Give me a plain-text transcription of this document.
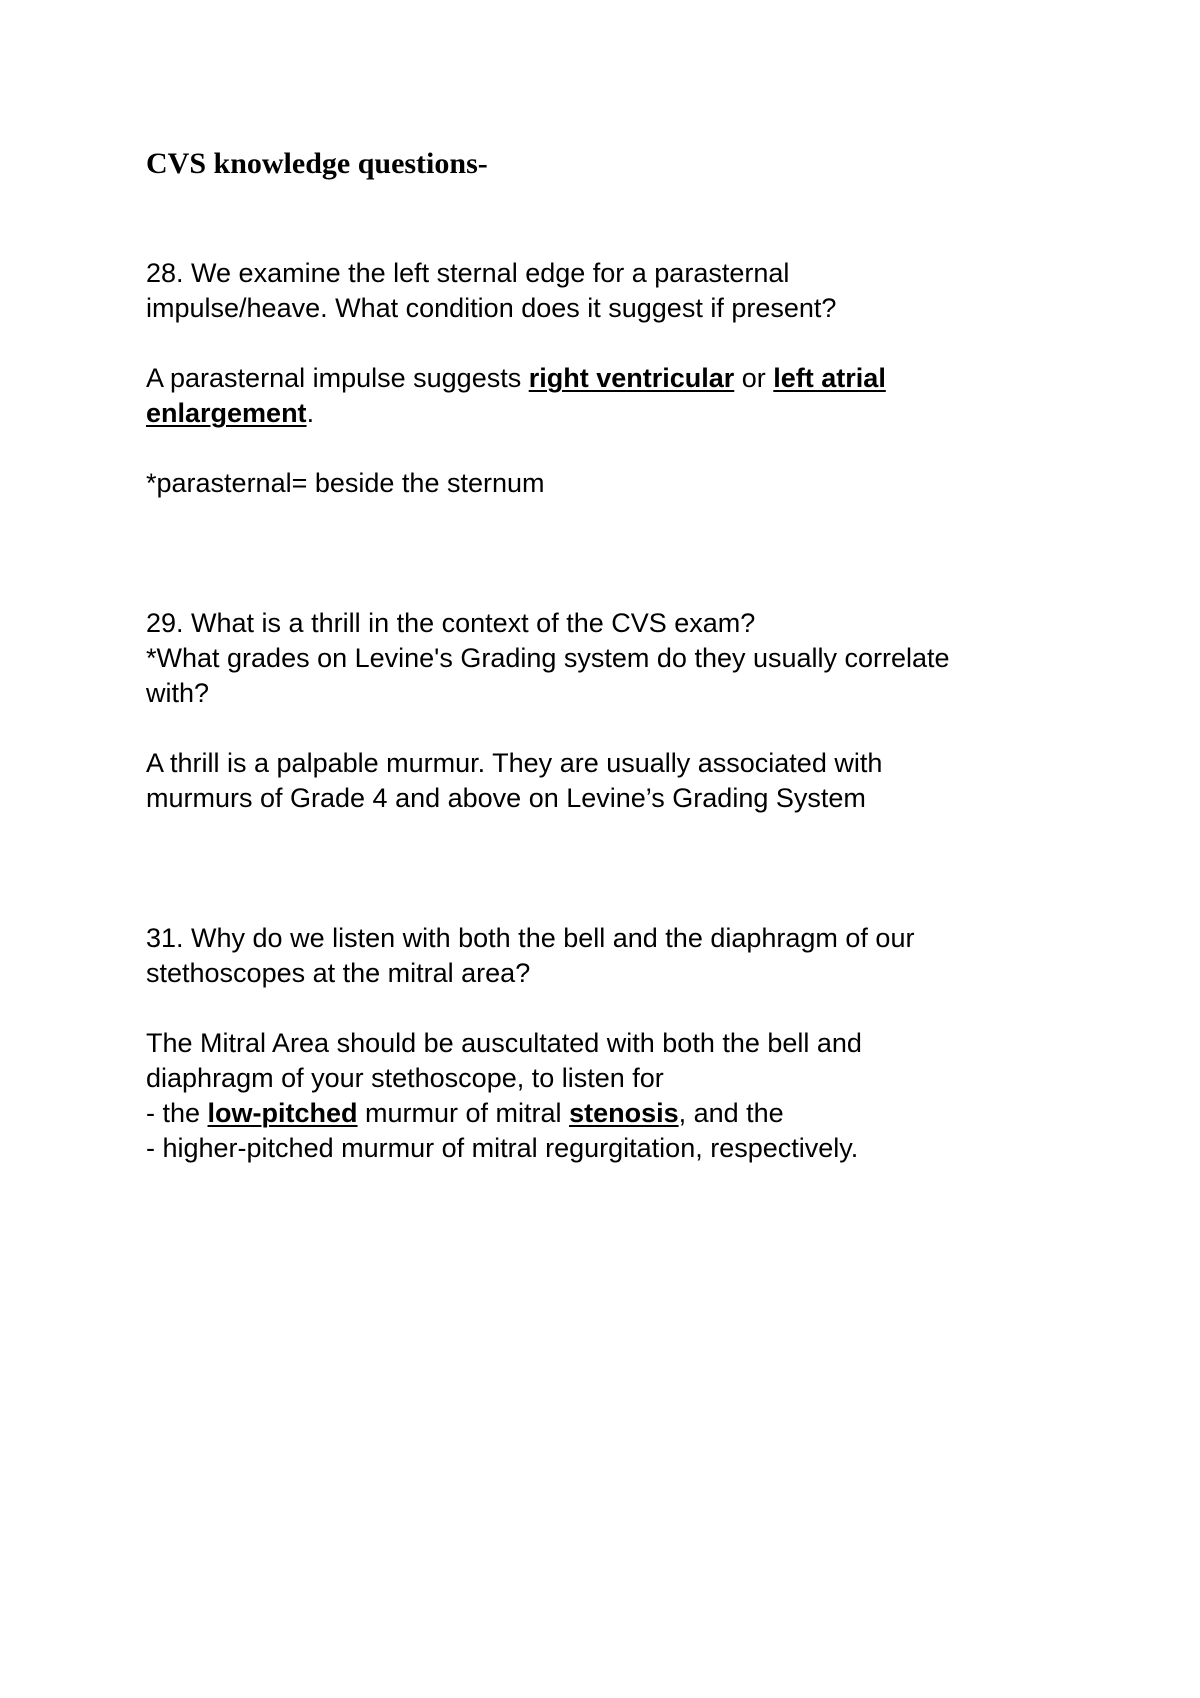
CVS knowledge questions-

28. We examine the left sternal edge for a parasternal
impulse/heave. What condition does it suggest if present?

A parasternal impulse suggests right ventricular or left atrial
enlargement.

*parasternal= beside the sternum

29. What is a thrill in the context of the CVS exam?
*What grades on Levine's Grading system do they usually correlate
with?

A thrill is a palpable murmur. They are usually associated with
murmurs of Grade 4 and above on Levine’s Grading System

31. Why do we listen with both the bell and the diaphragm of our
stethoscopes at the mitral area?

The Mitral Area should be auscultated with both the bell and
diaphragm of your stethoscope, to listen for
- the low-pitched murmur of mitral stenosis, and the
- higher-pitched murmur of mitral regurgitation, respectively.
